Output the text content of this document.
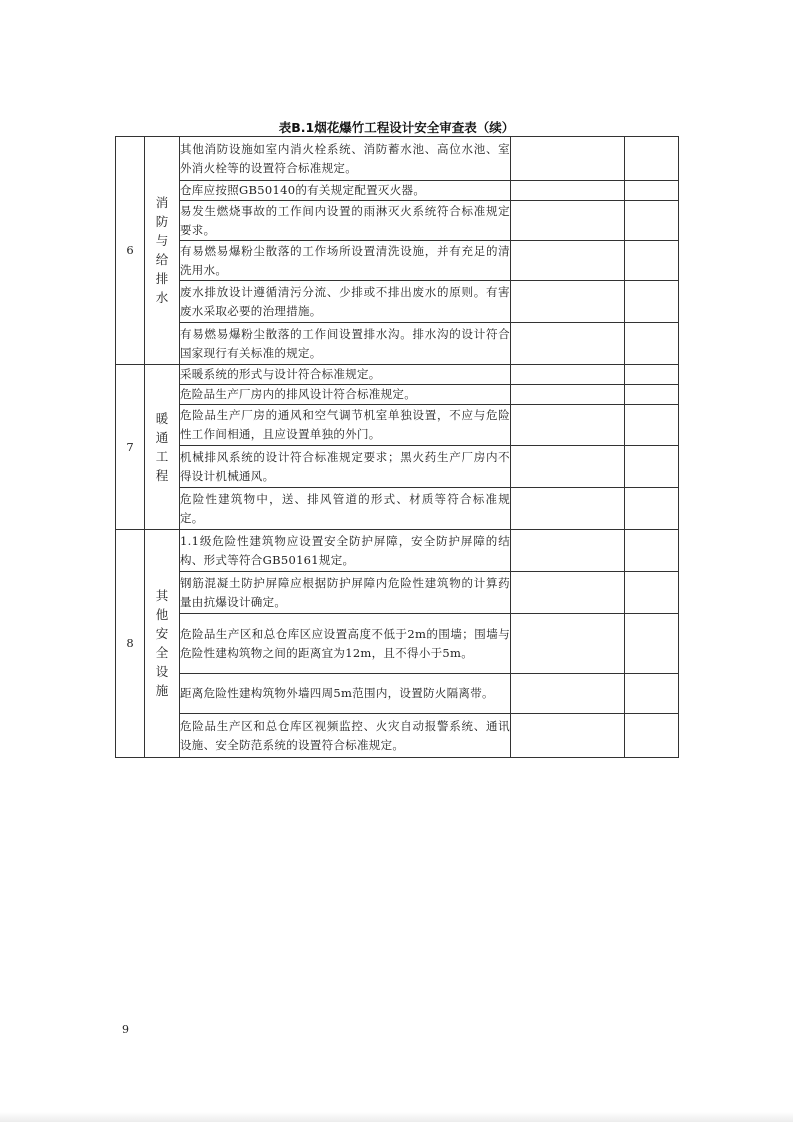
表B.1烟花爆竹工程设计安全审查表（续）
6	消防与给排水	其他消防设施如室内消火栓系统、消防蓄水池、高位水池、室外消火栓等的设置符合标准规定。		
		仓库应按照GB50140的有关规定配置灭火器。		
		易发生燃烧事故的工作间内设置的雨淋灭火系统符合标准规定要求。		
		有易燃易爆粉尘散落的工作场所设置清洗设施，并有充足的清洗用水。		
		废水排放设计遵循清污分流、少排或不排出废水的原则。有害废水采取必要的治理措施。		
		有易燃易爆粉尘散落的工作间设置排水沟。排水沟的设计符合国家现行有关标准的规定。		
7	暖通工程	采暖系统的形式与设计符合标准规定。		
		危险品生产厂房内的排风设计符合标准规定。		
		危险品生产厂房的通风和空气调节机室单独设置，不应与危险性工作间相通，且应设置单独的外门。		
		机械排风系统的设计符合标准规定要求；黑火药生产厂房内不得设计机械通风。		
		危险性建筑物中，送、排风管道的形式、材质等符合标准规定。		
8	其他安全设施	1.1级危险性建筑物应设置安全防护屏障，安全防护屏障的结构、形式等符合GB50161规定。		
		钢筋混凝土防护屏障应根据防护屏障内危险性建筑物的计算药量由抗爆设计确定。		
		危险品生产区和总仓库区应设置高度不低于2m的围墙；围墙与危险性建构筑物之间的距离宜为12m，且不得小于5m。		
		距离危险性建构筑物外墙四周5m范围内，设置防火隔离带。		
		危险品生产区和总仓库区视频监控、火灾自动报警系统、通讯设施、安全防范系统的设置符合标准规定。		
9
